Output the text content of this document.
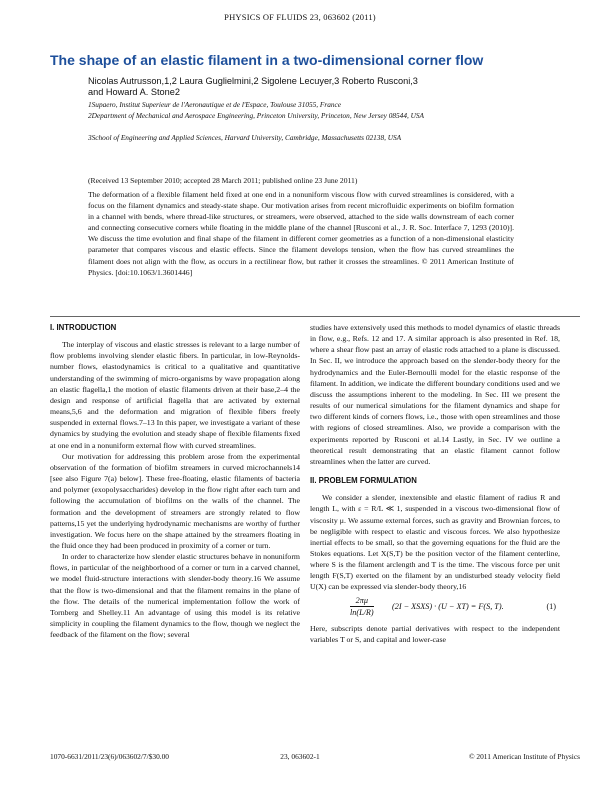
PHYSICS OF FLUIDS 23, 063602 (2011)
The shape of an elastic filament in a two-dimensional corner flow
Nicolas Autrusson,1,2 Laura Guglielmini,2 Sigolene Lecuyer,3 Roberto Rusconi,3
and Howard A. Stone2
1Supaero, Institut Superieur de l'Aeronautique et de l'Espace, Toulouse 31055, France
2Department of Mechanical and Aerospace Engineering, Princeton University, Princeton, New Jersey 08544, USA
3School of Engineering and Applied Sciences, Harvard University, Cambridge, Massachusetts 02138, USA
(Received 13 September 2010; accepted 28 March 2011; published online 23 June 2011)
The deformation of a flexible filament held fixed at one end in a nonuniform viscous flow with curved streamlines is considered, with a focus on the filament dynamics and steady-state shape. Our motivation arises from recent microfluidic experiments on biofilm formation in a channel with bends, where thread-like structures, or streamers, were observed, attached to the side walls downstream of each corner and connecting consecutive corners while floating in the middle plane of the channel [Rusconi et al., J. R. Soc. Interface 7, 1293 (2010)]. We discuss the time evolution and final shape of the filament in different corner geometries as a function of a non-dimensional elasticity parameter that compares viscous and elastic effects. Since the filament develops tension, when the flow has curved streamlines the filament does not align with the flow, as occurs in a rectilinear flow, but rather it crosses the streamlines. © 2011 American Institute of Physics. [doi:10.1063/1.3601446]
I. INTRODUCTION

The interplay of viscous and elastic stresses is relevant to a large number of flow problems involving slender elastic fibers. In particular, in low-Reynolds-number flows, elastodynamics is critical to a qualitative and quantitative understanding of the swimming of micro-organisms by wave propagation along an elastic flagella,1 the motion of elastic filaments driven at their base,2–4 the design and response of artificial flagella that are activated by external means,5,6 and the deformation and migration of flexible fibers freely suspended in external flows.7–13 In this paper, we investigate a variant of these dynamics by studying the evolution and steady shape of flexible filaments fixed at one end in a nonuniform external flow with curved streamlines.

Our motivation for addressing this problem arose from the experimental observation of the formation of biofilm streamers in curved microchannels14 [see also Figure 7(a) below]. These free-floating, elastic filaments of bacteria and polymer (exopolysaccharides) develop in the flow right after each turn and following the accumulation of biofilms on the walls of the channel. The formation and the development of streamers are strongly related to flow patterns,15 yet the underlying hydrodynamic mechanisms are worthy of further investigation. We focus here on the shape attained by the streamers floating in the fluid once they had been produced in proximity of a corner or turn.

In order to characterize how slender elastic structures behave in nonuniform flows, in particular of the neighborhood of a corner or turn in a carved channel, we model fluid-structure interactions with slender-body theory.16 We assume that the flow is two-dimensional and that the filament remains in the plane of the flow. The details of the numerical implementation follow the work of Tornberg and Shelley.11 An advantage of using this model is its relative simplicity in coupling the filament dynamics to the flow, though we neglect the feedback of the filament on the flow; several

studies have extensively used this methods to model dynamics of elastic threads in flow, e.g., Refs. 12 and 17. A similar approach is also presented in Ref. 18, where a shear flow past an array of elastic rods attached to a plane is discussed. In Sec. II, we introduce the approach based on the slender-body theory for the hydrodynamics and the Euler-Bernoulli model for the elastic response of the filament. In addition, we indicate the different boundary conditions used and we discuss the assumptions inherent to the modeling. In Sec. III we present the results of our numerical simulations for the filament dynamics and shape for two different kinds of corners flows, i.e., those with open streamlines and those with regions of closed streamlines. Also, we provide a comparison with the experiments reported by Rusconi et al.14 Lastly, in Sec. IV we outline a theoretical result demonstrating that an elastic filament cannot follow streamlines when the latter are curved.

II. PROBLEM FORMULATION

We consider a slender, inextensible and elastic filament of radius R and length L, with ε = R/L ≪ 1, suspended in a viscous two-dimensional flow of viscosity μ. We assume external forces, such as gravity and Brownian forces, to be negligible with respect to elastic and viscous forces. We also hypothesize inertial effects to be small, so that the governing equations for the fluid are the Stokes equations. Let X(S,T) be the position vector of the filament centerline, where S is the filament arclength and T is the time. The viscous force per unit length F(S,T) exerted on the filament by an undisturbed steady velocity field U(X) can be expressed via slender-body theory,16

$\frac{2\pi\mu}{\ln(L/R)} (2I$ − XSXS) · (U − XT) = F(S, T).	(1)

Here, subscripts denote partial derivatives with respect to the independent variables T or S, and capital and lower-case

1070-6631/2011/23(6)/063602/7/$30.00	23, 063602-1	© 2011 American Institute of Physics
